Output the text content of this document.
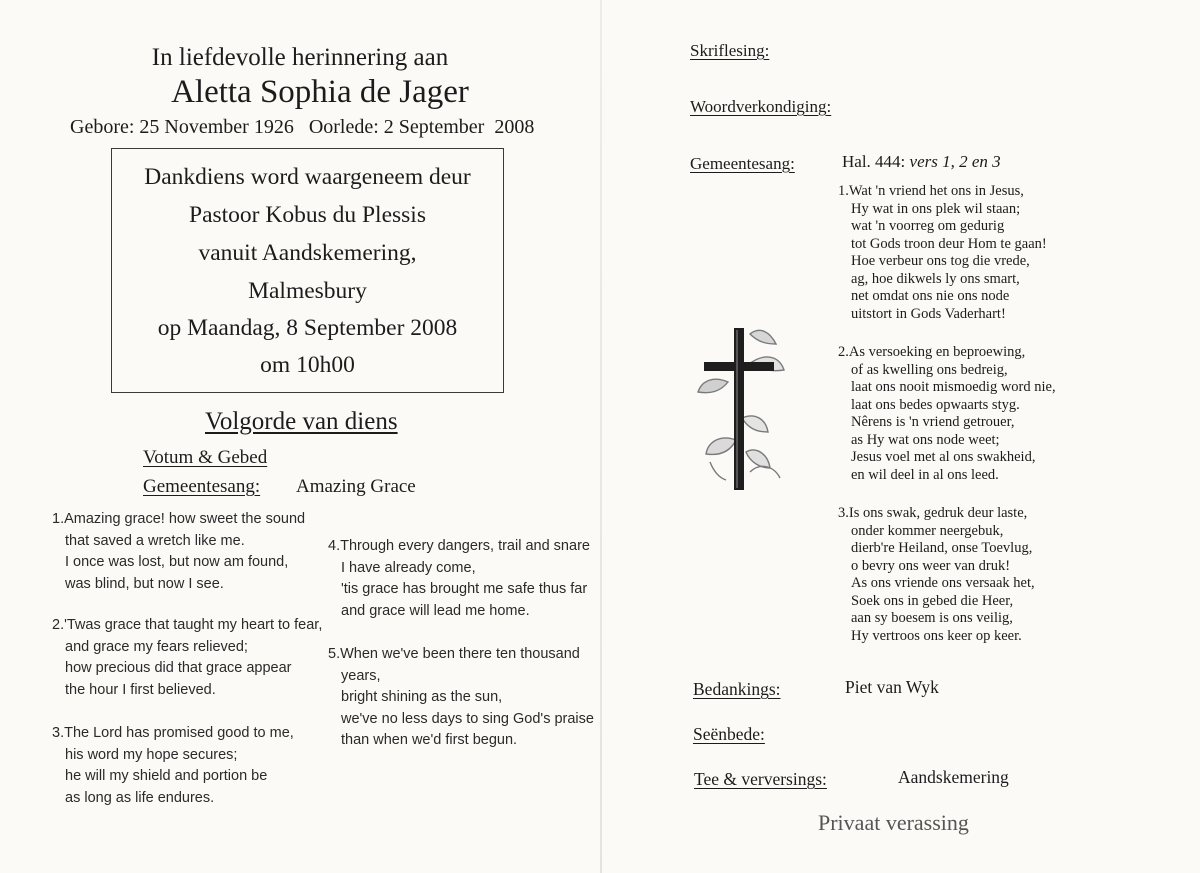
In liefdevolle herinnering aan
Aletta Sophia de Jager
Gebore: 25 November 1926   Oorlede: 2 September  2008
Dankdiens word waargeneem deur
Pastoor Kobus du Plessis
vanuit Aandskemering,
Malmesbury
op Maandag, 8 September 2008
om 10h00
Volgorde van diens
Votum & Gebed
Gemeentesang: Amazing Grace
1.Amazing grace! how sweet the sound
that saved a wretch like me.
I once was lost, but now am found,
was blind, but now I see.
2.'Twas grace that taught my heart to fear,
and grace my fears relieved;
how precious did that grace appear
the hour I first believed.
3.The Lord has promised good to me,
his word my hope secures;
he will my shield and portion be
as long as life endures.
4.Through every dangers, trail and snare
I have already come,
'tis grace has brought me safe thus far
and grace will lead me home.
5.When we've been there ten thousand
years,
bright shining as the sun,
we've no less days to sing God's praise
than when we'd first begun.
Skriflesing:
Woordverkondiging:
Gemeentesang:	Hal. 444: vers 1, 2 en 3
1.Wat 'n vriend het ons in Jesus,
Hy wat in ons plek wil staan;
wat 'n voorreg om gedurig
tot Gods troon deur Hom te gaan!
Hoe verbeur ons tog die vrede,
ag, hoe dikwels ly ons smart,
net omdat ons nie ons node
uitstort in Gods Vaderhart!
2.As versoeking en beproewing,
of as kwelling ons bedreig,
laat ons nooit mismoedig word nie,
laat ons bedes opwaarts styg.
Nêrens is 'n vriend getrouer,
as Hy wat ons node weet;
Jesus voel met al ons swakheid,
en wil deel in al ons leed.
3.Is ons swak, gedruk deur laste,
onder kommer neergebuk,
dierb're Heiland, onse Toevlug,
o bevry ons weer van druk!
As ons vriende ons versaak het,
Soek ons in gebed die Heer,
aan sy boesem is ons veilig,
Hy vertroos ons keer op keer.
Bedankings:	Piet van Wyk
Seënbede:
Tee & verversings:	Aandskemering
Privaat verassing
